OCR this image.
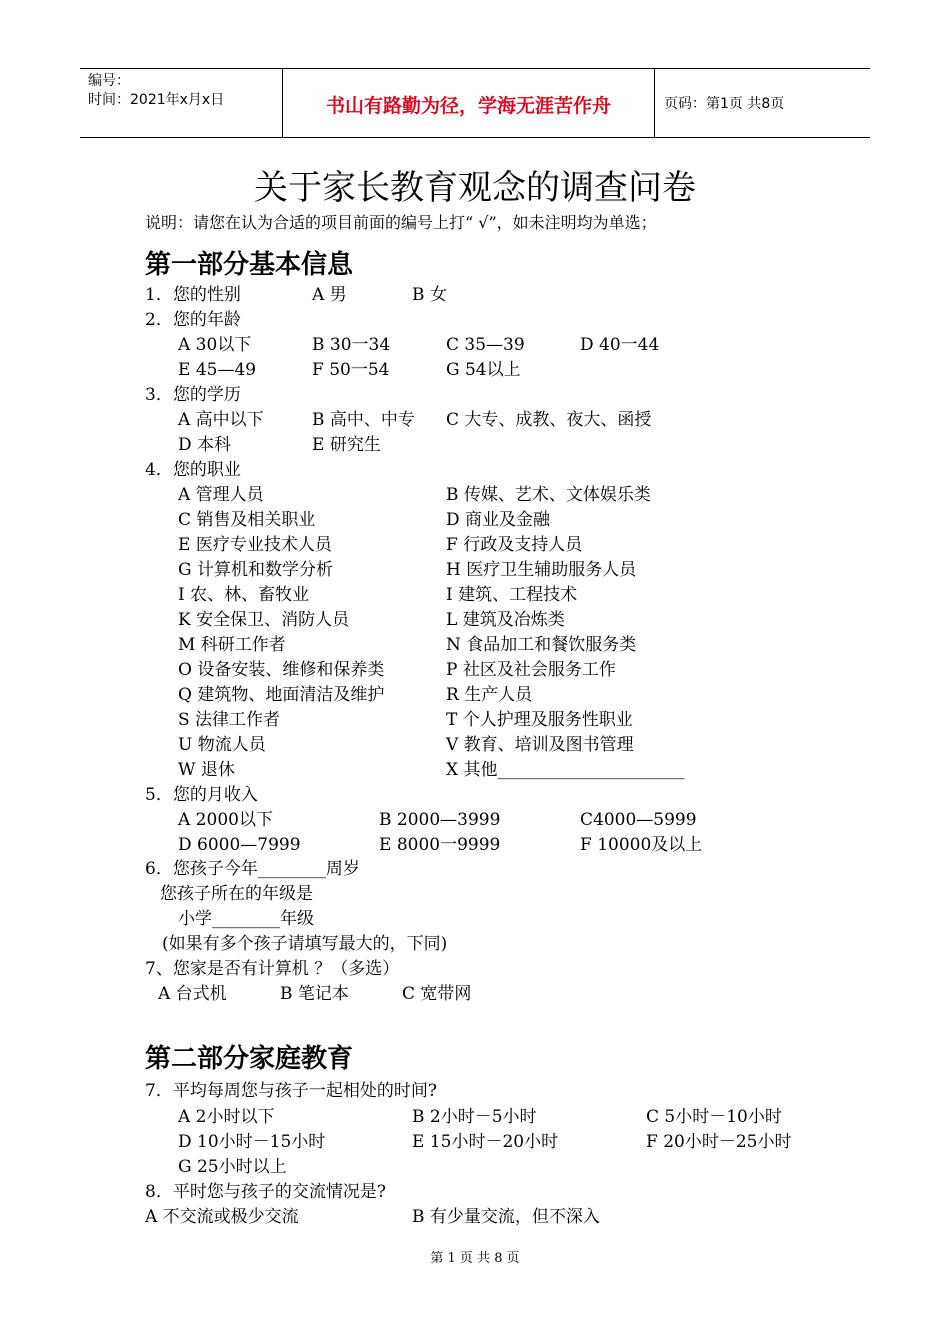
编号：
时间：2021年x月x日	书山有路勤为径，学海无涯苦作舟	页码：第1页 共8页
关于家长教育观念的调查问卷
说明：请您在认为合适的项目前面的编号上打“ √”，如未注明均为单选；
第一部分基本信息
1．您的性别	A 男	B 女
2．您的年龄
A 30以下	B 30一34	C 35—39	D 40一44
E 45—49	F 50一54	G 54以上
3．您的学历
A 高中以下	B 高中、中专 C 大专、成教、夜大、函授
D 本科	E 研究生
4．您的职业
A 管理人员	B 传媒、艺术、文体娱乐类
C 销售及相关职业	D 商业及金融
E 医疗专业技术人员	F 行政及支持人员
G 计算机和数学分析	H 医疗卫生辅助服务人员
I 农、林、畜牧业	I 建筑、工程技术
K 安全保卫、消防人员	L 建筑及冶炼类
M 科研工作者	N 食品加工和餐饮服务类
O 设备安装、维修和保养类	P 社区及社会服务工作
Q 建筑物、地面清洁及维护	R 生产人员
S 法律工作者	T 个人护理及服务性职业
U 物流人员	V 教育、培训及图书管理
W 退休	X 其他______________________
5．您的月收入
A 2000以下	B 2000—3999	C4000—5999
D 6000—7999	E 8000一9999	F 10000及以上
6．您孩子今年________周岁
您孩子所在的年级是
小学________年级
(如果有多个孩子请填写最大的，下同)
7、您家是否有计算机 ？（多选）
A 台式机	B 笔记本	C 宽带网
第二部分家庭教育
7．平均每周您与孩子一起相处的时间?
A 2小时以下	B 2小时－5小时	C 5小时－10小时
D 10小时－15小时	E 15小时－20小时	F 20小时－25小时
G 25小时以上
8．平时您与孩子的交流情况是?
A 不交流或极少交流	B 有少量交流，但不深入
第 1 页 共 8 页
